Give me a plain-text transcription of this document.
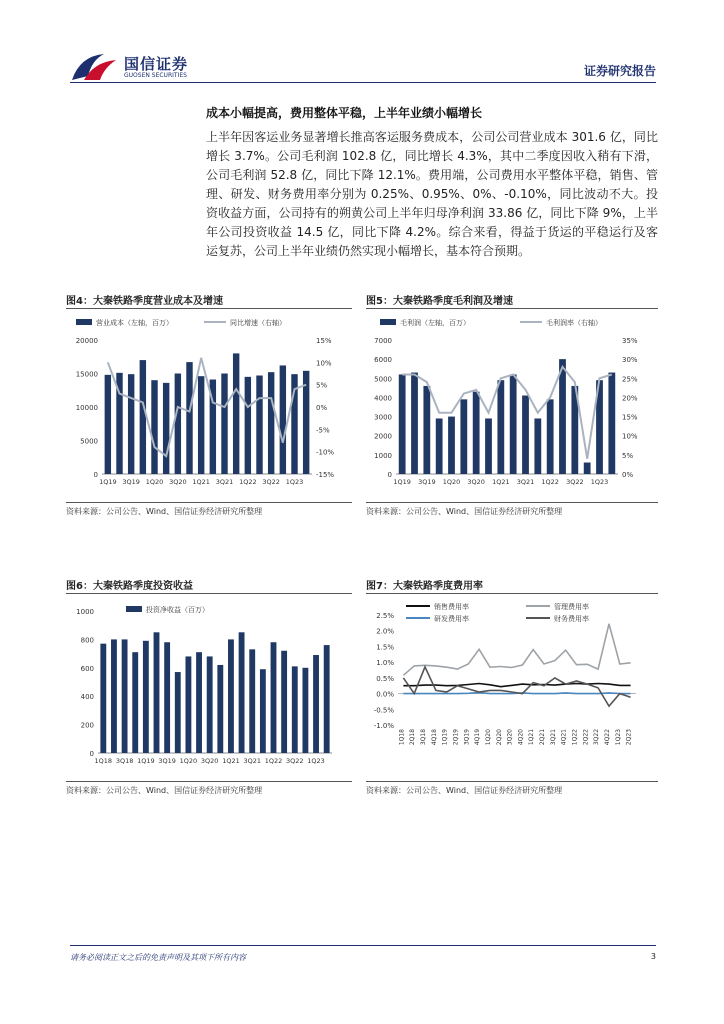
国信证券
GUOSEN SECURITIES	证券研究报告
成本小幅提高，费用整体平稳，上半年业绩小幅增长
上半年因客运业务显著增长推高客运服务费成本，公司公司营业成本 301.6 亿，同比增长 3.7%。公司毛利润 102.8 亿，同比增长 4.3%，其中二季度因收入稍有下滑，公司毛利润 52.8 亿，同比下降 12.1%。费用端，公司费用水平整体平稳，销售、管理、研发、财务费用率分别为 0.25%、0.95%、0%、-0.10%，同比波动不大。投资收益方面，公司持有的朔黄公司上半年归母净利润 33.86 亿，同比下降 9%，上半年公司投资收益 14.5 亿，同比下降 4.2%。综合来看，得益于货运的平稳运行及客运复苏，公司上半年业绩仍然实现小幅增长，基本符合预期。
图4：大秦铁路季度营业成本及增速
0
5000
10000
15000
20000	15%
10%
5%
0%
-5%
-10%
-15%
1Q19 3Q19 1Q20 3Q20 1Q21 3Q21 1Q22 3Q22 1Q23
营业成本（左轴，百万）	同比增速（右轴）
资料来源：公司公告、Wind、国信证券经济研究所整理
图5：大秦铁路季度毛利润及增速
0
1000
2000
3000
4000
5000
6000
7000	35%
30%
25%
20%
15%
10%
5%
0%
1Q19 3Q19 1Q20 3Q20 1Q21 3Q21 1Q22 3Q22 1Q23
毛利润（左轴，百万）	毛利润率（右轴）
资料来源：公司公告、Wind、国信证券经济研究所整理
图6：大秦铁路季度投资收益
0
200
400
600
800
1000
1Q18 3Q18 1Q19 3Q19 1Q20 3Q20 1Q21 3Q21 1Q22 3Q22 1Q23
投资净收益（百万）
资料来源：公司公告、Wind、国信证券经济研究所整理
图7：大秦铁路季度费用率
2.5%
2.0%
1.5%
1.0%
0.5%
0.0%
-0.5%
-1.0%
1Q18 2Q18 3Q18 4Q18 1Q19 2Q19 3Q19 4Q19 1Q20 2Q20 3Q20 4Q20 1Q21 2Q21 3Q21 4Q21 1Q22 2Q22 3Q22 4Q22 1Q23 2Q23
销售费用率	管理费用率
研发费用率	财务费用率
资料来源：公司公告、Wind、国信证券经济研究所整理
请务必阅读正文之后的免责声明及其项下所有内容	3
